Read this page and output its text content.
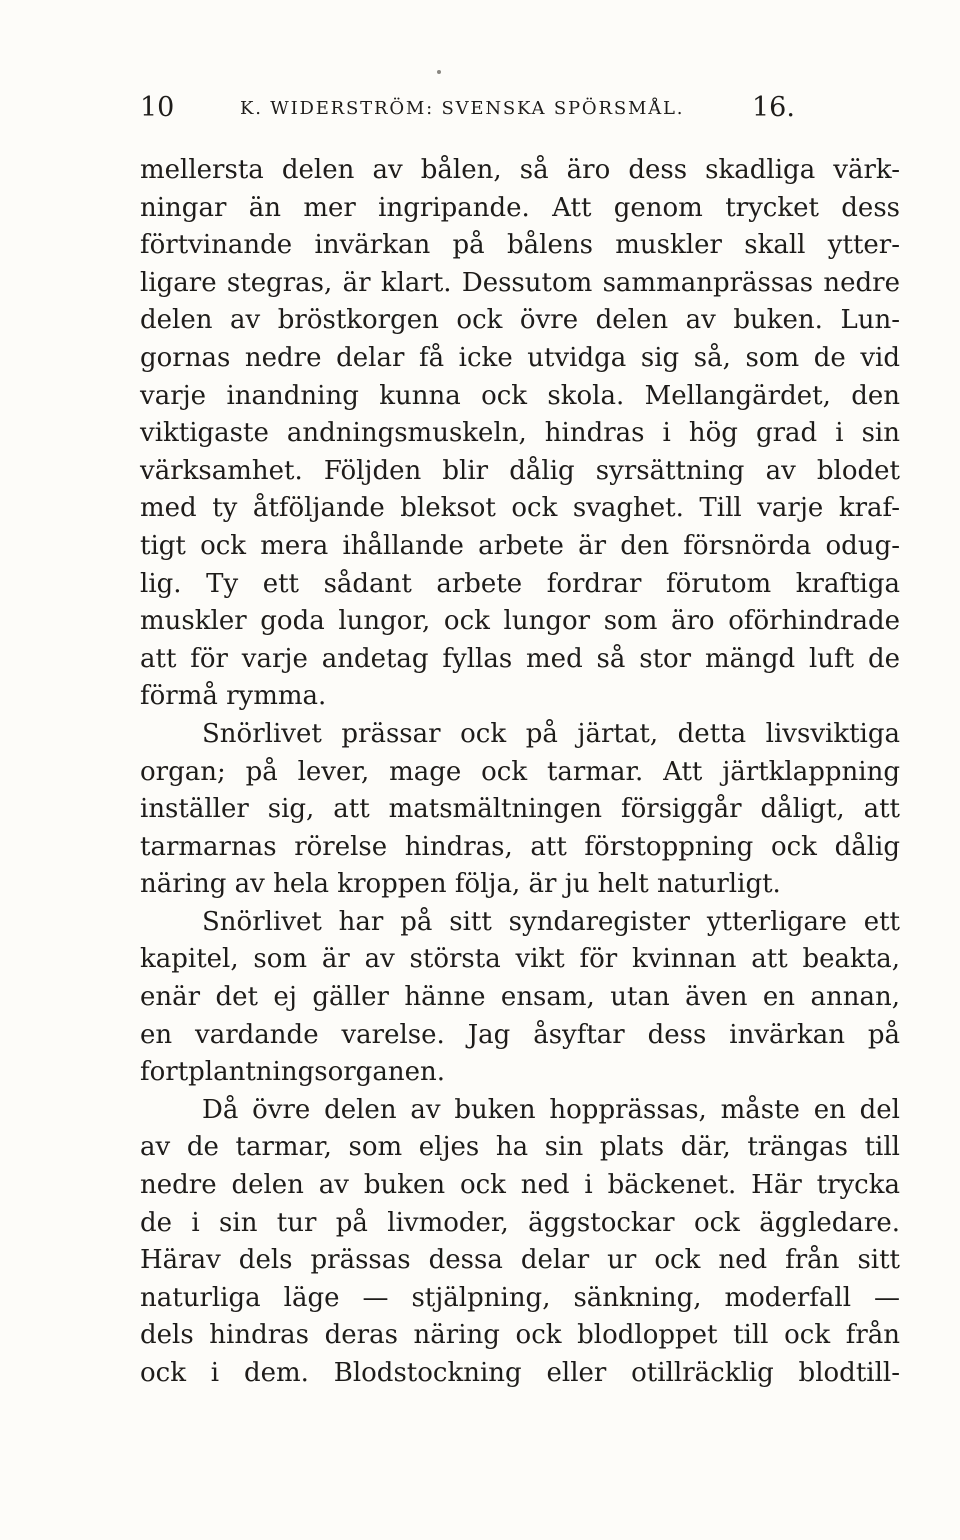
10	K. WIDERSTRÖM: SVENSKA SPÖRSMÅL.	16.
mellersta delen av bålen, så äro dess skadliga värk-
ningar än mer ingripande. Att genom trycket dess
förtvinande invärkan på bålens muskler skall ytter-
ligare stegras, är klart. Dessutom sammanprässas nedre
delen av bröstkorgen ock övre delen av buken. Lun-
gornas nedre delar få icke utvidga sig så, som de vid
varje inandning kunna ock skola. Mellangärdet, den
viktigaste andningsmuskeln, hindras i hög grad i sin
värksamhet. Följden blir dålig syrsättning av blodet
med ty åtföljande bleksot ock svaghet. Till varje kraf-
tigt ock mera ihållande arbete är den försnörda odug-
lig. Ty ett sådant arbete fordrar förutom kraftiga
muskler goda lungor, ock lungor som äro oförhindrade
att för varje andetag fyllas med så stor mängd luft de
förmå rymma.
Snörlivet prässar ock på järtat, detta livsviktiga
organ; på lever, mage ock tarmar. Att järtklappning
inställer sig, att matsmältningen försiggår dåligt, att
tarmarnas rörelse hindras, att förstoppning ock dålig
näring av hela kroppen följa, är ju helt naturligt.
Snörlivet har på sitt syndaregister ytterligare ett
kapitel, som är av största vikt för kvinnan att beakta,
enär det ej gäller hänne ensam, utan även en annan,
en vardande varelse. Jag åsyftar dess invärkan på
fortplantningsorganen.
Då övre delen av buken hopprässas, måste en del
av de tarmar, som eljes ha sin plats där, trängas till
nedre delen av buken ock ned i bäckenet. Här trycka
de i sin tur på livmoder, äggstockar ock äggledare.
Härav dels prässas dessa delar ur ock ned från sitt
naturliga läge — stjälpning, sänkning, moderfall —
dels hindras deras näring ock blodloppet till ock från
ock i dem. Blodstockning eller otillräcklig blodtill-
